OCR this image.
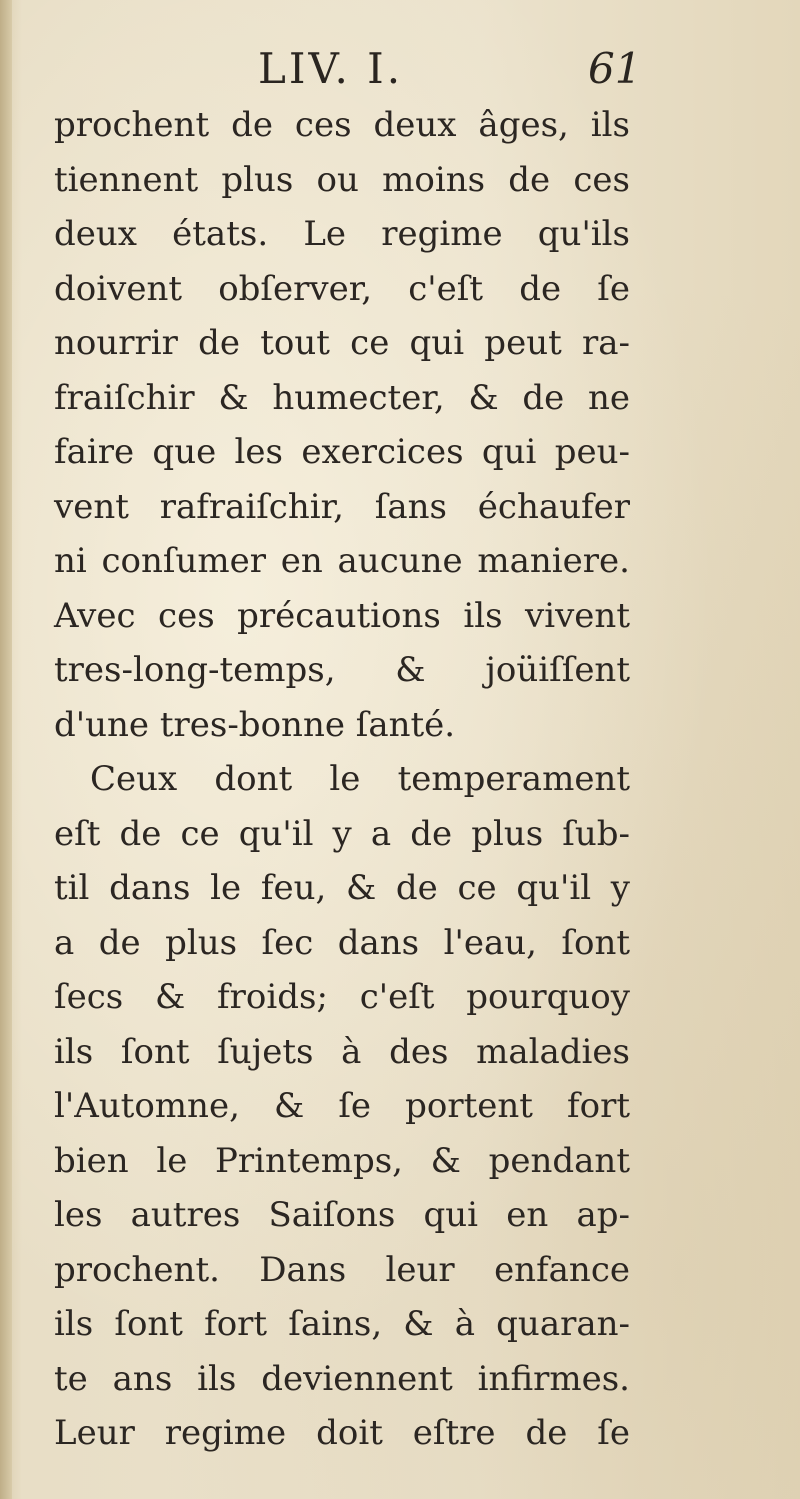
LIV. I.	61
prochent de ces deux âges, ils
tiennent plus ou moins de ces
deux états. Le regime qu'ils
doivent obſerver, c'eſt de ſe
nourrir de tout ce qui peut ra-
fraiſchir & humecter, & de ne
faire que les exercices qui peu-
vent rafraiſchir, ſans échaufer
ni conſumer en aucune maniere.
Avec ces précautions ils vivent
tres-long-temps, & joüiſſent
d'une tres-bonne ſanté.
Ceux dont le temperament
eſt de ce qu'il y a de plus ſub-
til dans le feu, & de ce qu'il y
a de plus ſec dans l'eau, ſont
ſecs & froids; c'eſt pourquoy
ils ſont ſujets à des maladies
l'Automne, & ſe portent fort
bien le Printemps, & pendant
les autres Saiſons qui en ap-
prochent. Dans leur enfance
ils ſont fort ſains, & à quaran-
te ans ils deviennent infirmes.
Leur regime doit eſtre de ſe
